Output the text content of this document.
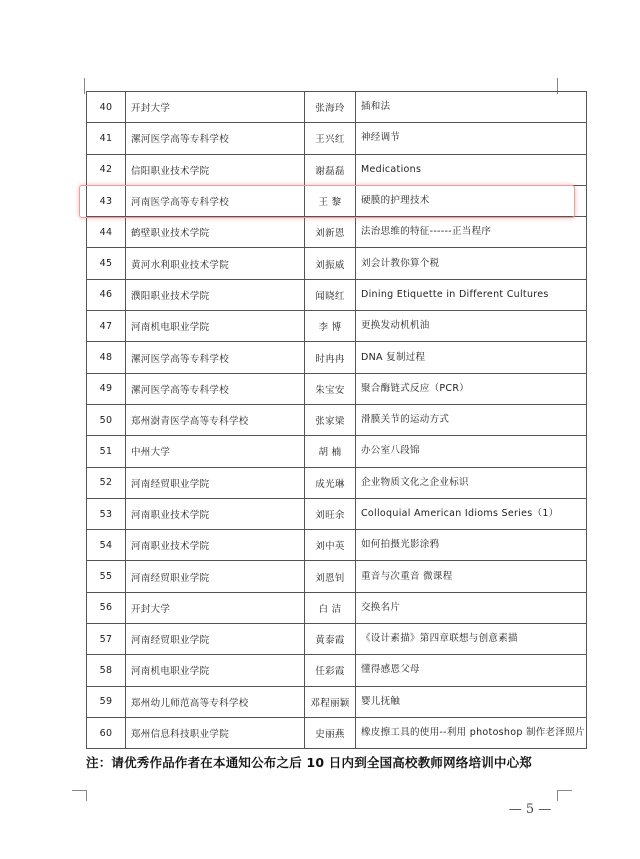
40	开封大学	张海玲	插和法
41	漯河医学高等专科学校	王兴红	神经调节
42	信阳职业技术学院	谢磊磊	Medications
43	河南医学高等专科学校	王 黎	硬膜的护理技术
44	鹤壁职业技术学院	刘新恩	法治思维的特征------正当程序
45	黄河水利职业技术学院	刘振威	刘会计教你算个税
46	濮阳职业技术学院	闻晓红	Dining Etiquette in Different Cultures
47	河南机电职业学院	李 博	更换发动机机油
48	漯河医学高等专科学校	时冉冉	DNA 复制过程
49	漯河医学高等专科学校	朱宝安	聚合酶链式反应（PCR）
50	郑州澍青医学高等专科学校	张家梁	滑膜关节的运动方式
51	中州大学	胡 楠	办公室八段锦
52	河南经贸职业学院	成光琳	企业物质文化之企业标识
53	河南职业技术学院	刘旺余	Colloquial American Idioms Series（1）
54	河南职业技术学院	刘中英	如何拍摄光影涂鸦
55	河南经贸职业学院	刘恩钊	重音与次重音 微课程
56	开封大学	白 洁	交换名片
57	河南经贸职业学院	黄泰霞	《设计素描》第四章联想与创意素描
58	河南机电职业学院	任彩霞	懂得感恩父母
59	郑州幼儿师范高等专科学校	邓程丽颖	婴儿抚触
60	郑州信息科技职业学院	史丽燕	橡皮擦工具的使用--利用 photoshop 制作老泽照片
注：请优秀作品作者在本通知公布之后 10 日内到全国高校教师网络培训中心郑
— 5 —
